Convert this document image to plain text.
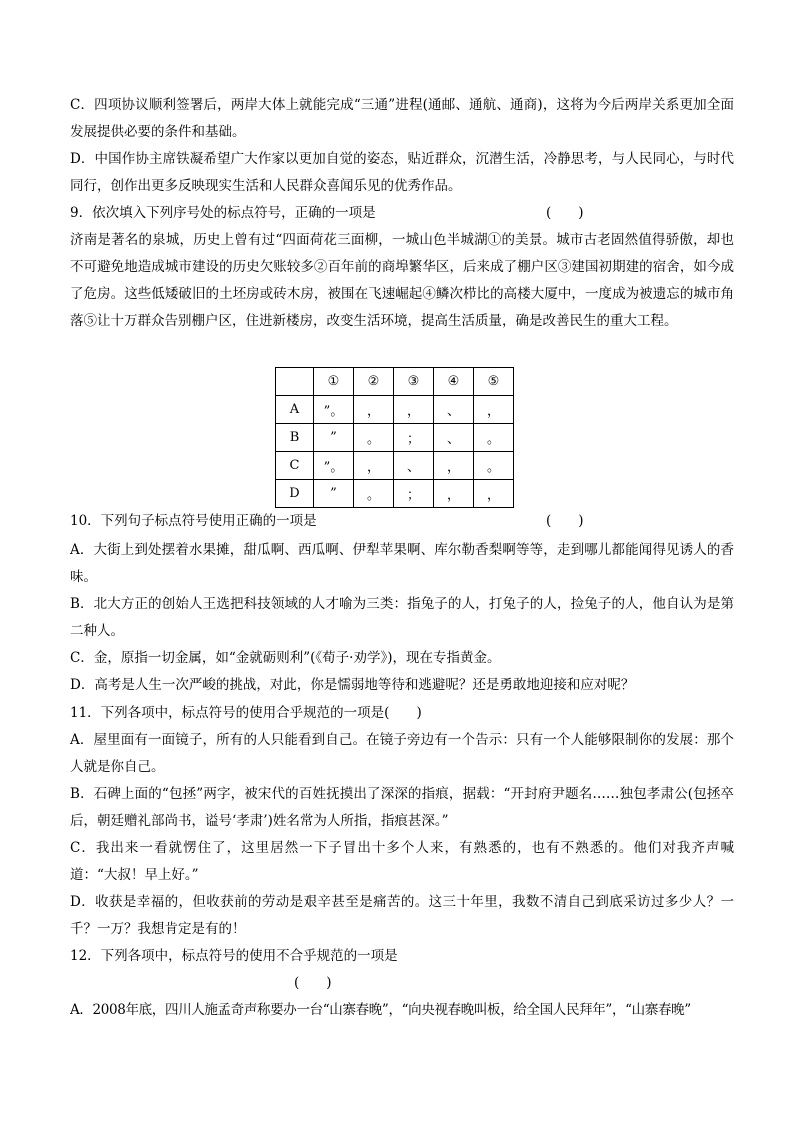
C．四项协议顺利签署后，两岸大体上就能完成“三通”进程(通邮、通航、通商)，这将为今后两岸关系更加全面发展提供必要的条件和基础。

D．中国作协主席铁凝希望广大作家以更加自觉的姿态，贴近群众，沉潜生活，冷静思考，与人民同心，与时代同行，创作出更多反映现实生活和人民群众喜闻乐见的优秀作品。

9．依次填入下列序号处的标点符号，正确的一项是	(　　)

济南是著名的泉城，历史上曾有过“四面荷花三面柳，一城山色半城湖①的美景。城市古老固然值得骄傲，却也不可避免地造成城市建设的历史欠账较多②百年前的商埠繁华区，后来成了棚户区③建国初期建的宿舍，如今成了危房。这些低矮破旧的土坯房或砖木房，被围在飞速崛起④鳞次栉比的高楼大厦中，一度成为被遗忘的城市角落⑤让十万群众告别棚户区，住进新楼房，改变生活环境，提高生活质量，确是改善民生的重大工程。

	①	②	③	④	⑤
A	”。	，	，	、	，
B	”	。	；	、	。
C	”。	，	、	，	。
D	”	。	；	，	，

10．下列句子标点符号使用正确的一项是	(　　)

A．大街上到处摆着水果摊，甜瓜啊、西瓜啊、伊犁苹果啊、库尔勒香梨啊等等，走到哪儿都能闻得见诱人的香味。

B．北大方正的创始人王选把科技领域的人才喻为三类：指兔子的人，打兔子的人，捡兔子的人，他自认为是第二种人。

C．金，原指一切金属，如“金就砺则利”(《荀子·劝学》)，现在专指黄金。

D．高考是人生一次严峻的挑战，对此，你是懦弱地等待和逃避呢？还是勇敢地迎接和应对呢？

11．下列各项中，标点符号的使用合乎规范的一项是(　　)

A．屋里面有一面镜子，所有的人只能看到自己。在镜子旁边有一个告示：只有一个人能够限制你的发展：那个人就是你自己。

B．石碑上面的“包拯”两字，被宋代的百姓抚摸出了深深的指痕，据载：“开封府尹题名……独包孝肃公(包拯卒后，朝廷赠礼部尚书，谥号‘孝肃’)姓名常为人所指，指痕甚深。”

C．我出来一看就愣住了，这里居然一下子冒出十多个人来，有熟悉的，也有不熟悉的。他们对我齐声喊道：“大叔！早上好。”

D．收获是幸福的，但收获前的劳动是艰辛甚至是痛苦的。这三十年里，我数不清自己到底采访过多少人？一千？一万？我想肯定是有的！

12．下列各项中，标点符号的使用不合乎规范的一项是

(　　)

A．2008年底，四川人施孟奇声称要办一台“山寨春晚”，“向央视春晚叫板，给全国人民拜年”，“山寨春晚”
